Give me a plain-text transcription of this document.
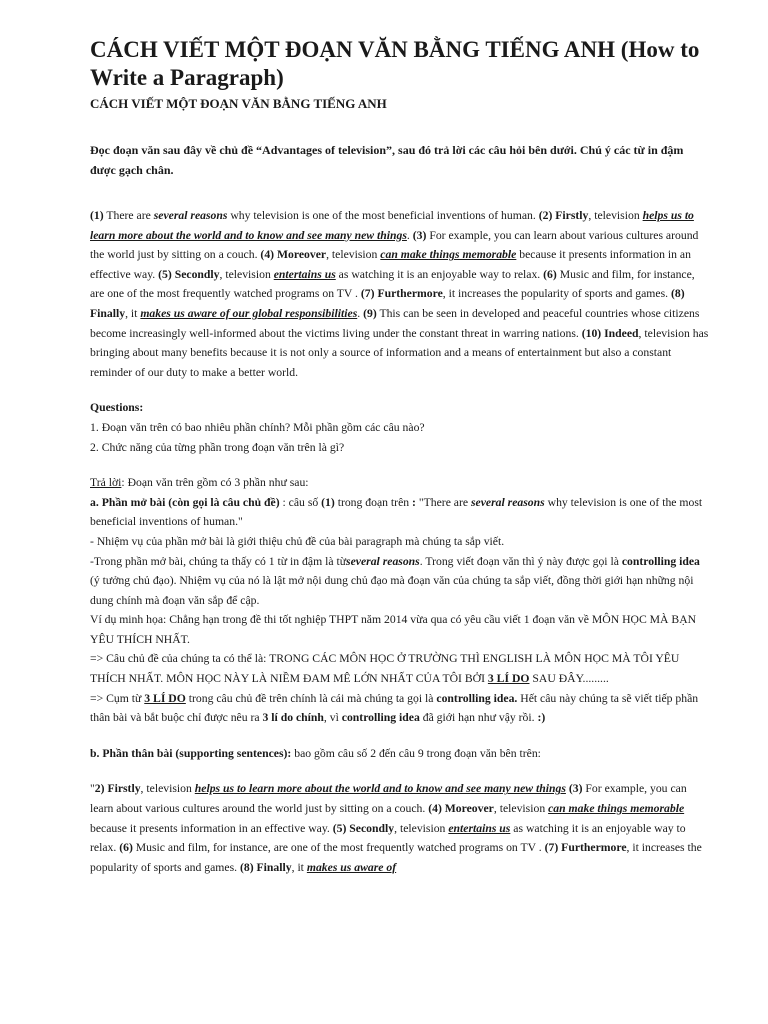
CÁCH VIẾT MỘT ĐOẠN VĂN BẰNG TIẾNG ANH (How to Write a Paragraph)

CÁCH VIẾT MỘT ĐOẠN VĂN BẰNG TIẾNG ANH

Đọc đoạn văn sau đây về chủ đề “Advantages of television”, sau đó trả lời các câu hỏi bên dưới. Chú ý các từ in đậm được gạch chân.

(1) There are several reasons why television is one of the most beneficial inventions of human. (2) Firstly, television helps us to learn more about the world and to know and see many new things. (3) For example, you can learn about various cultures around the world just by sitting on a couch. (4) Moreover, television can make things memorable because it presents information in an effective way. (5) Secondly, television entertains us as watching it is an enjoyable way to relax. (6) Music and film, for instance, are one of the most frequently watched programs on TV . (7) Furthermore, it increases the popularity of sports and games. (8) Finally, it makes us aware of our global responsibilities. (9) This can be seen in developed and peaceful countries whose citizens become increasingly well-informed about the victims living under the constant threat in warring nations. (10) Indeed, television has bringing about many benefits because it is not only a source of information and a means of entertainment but also a constant reminder of our duty to make a better world.

Questions:

1. Đoạn văn trên có bao nhiêu phần chính? Mỗi phần gồm các câu nào?

2. Chức năng của từng phần trong đoạn văn trên là gì?

Trả lời: Đoạn văn trên gồm có 3 phần như sau:

a. Phần mở bài (còn gọi là câu chủ đề) : câu số (1) trong đoạn trên : "There are several reasons why television is one of the most beneficial inventions of human."

- Nhiệm vụ của phần mở bài là giới thiệu chủ đề của bài paragraph mà chúng ta sắp viết.

-Trong phần mở bài, chúng ta thấy có 1 từ in đậm là từseveral reasons. Trong viết đoạn văn thì ý này được gọi là controlling idea (ý tưởng chủ đạo). Nhiệm vụ của nó là lật mở nội dung chủ đạo mà đoạn văn của chúng ta sắp viết, đồng thời giới hạn những nội dung chính mà đoạn văn sắp để cập.

Ví dụ minh họa: Chẳng hạn trong đề thi tốt nghiệp THPT năm 2014 vừa qua có yêu cầu viết 1 đoạn văn về MÔN HỌC MÀ BẠN YÊU THÍCH NHẤT.

=> Câu chủ đề của chúng ta có thể là: TRONG CÁC MÔN HỌC Ở TRƯỜNG THÌ ENGLISH LÀ MÔN HỌC MÀ TÔI YÊU THÍCH NHẤT. MÔN HỌC NÀY LÀ NIỀM ĐAM MÊ LỚN NHẤT CỦA TÔI BỞI 3 LÍ DO SAU ĐÂY.........

=> Cụm từ 3 LÍ DO trong câu chủ đề trên chính là cái mà chúng ta gọi là controlling idea. Hết câu này chúng ta sẽ viết tiếp phần thân bài và bắt buộc chỉ được nêu ra 3 lí do chính, vì controlling idea đã giới hạn như vậy rồi. :)

b. Phần thân bài (supporting sentences): bao gồm câu số 2 đến câu 9 trong đoạn văn bên trên:

"2) Firstly, television helps us to learn more about the world and to know and see many new things (3) For example, you can learn about various cultures around the world just by sitting on a couch. (4) Moreover, television can make things memorable because it presents information in an effective way. (5) Secondly, television entertains us as watching it is an enjoyable way to relax. (6) Music and film, for instance, are one of the most frequently watched programs on TV . (7) Furthermore, it increases the popularity of sports and games. (8) Finally, it makes us aware of
